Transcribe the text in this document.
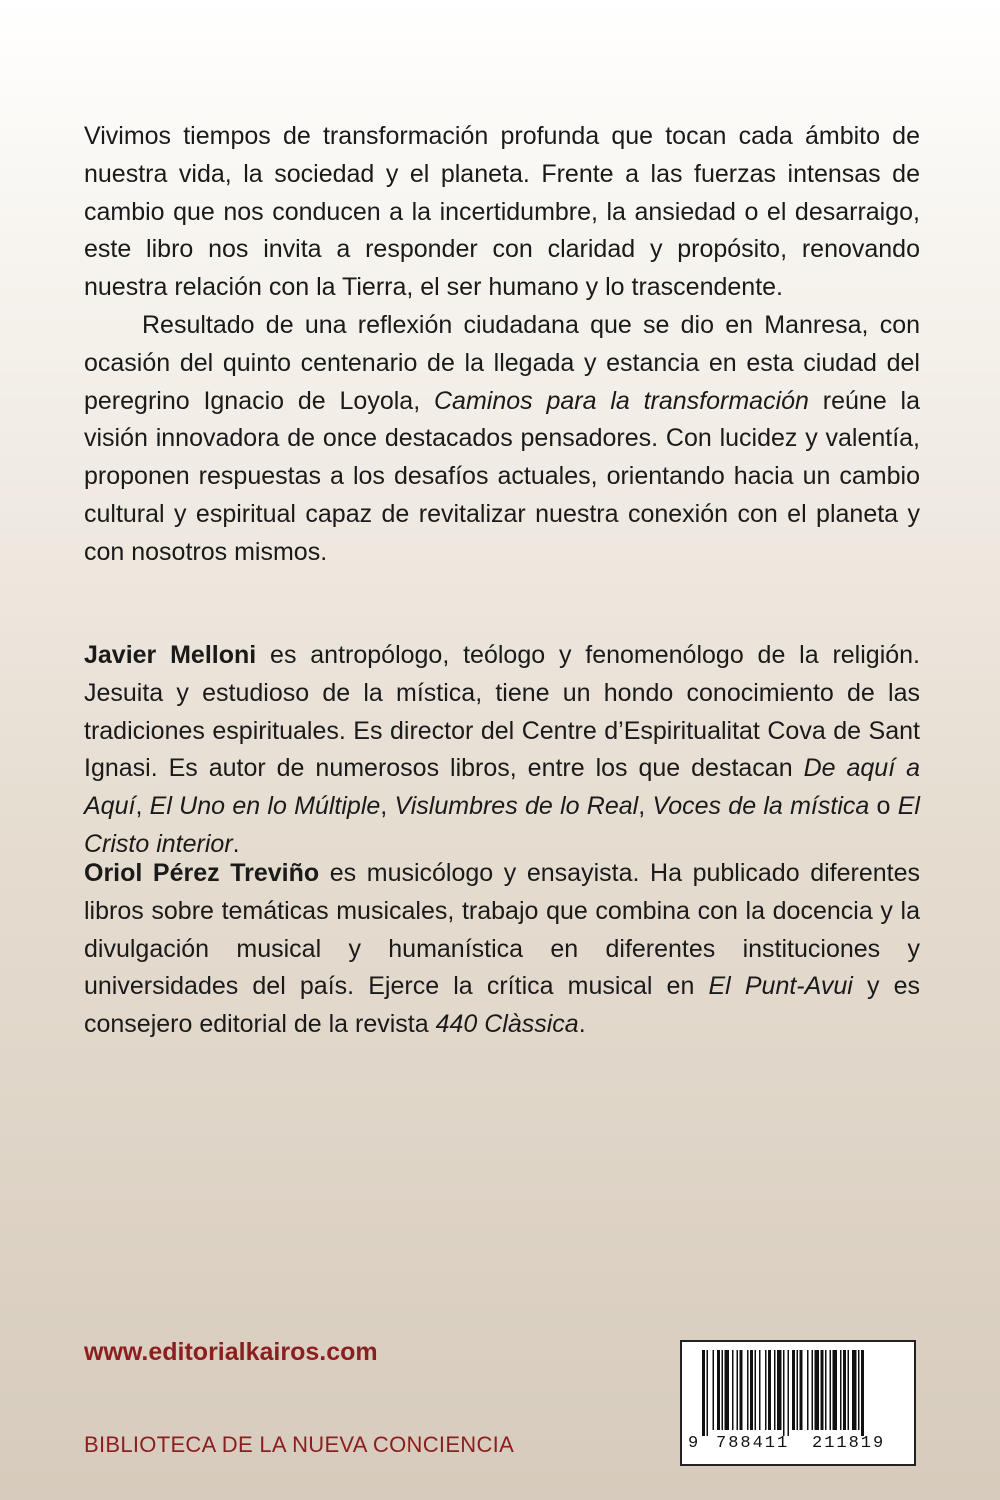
Vivimos tiempos de transformación profunda que tocan cada ámbito de nuestra vida, la sociedad y el planeta. Frente a las fuerzas intensas de cambio que nos conducen a la incertidumbre, la ansiedad o el desarraigo, este libro nos invita a responder con claridad y propósito, renovando nuestra relación con la Tierra, el ser humano y lo trascendente.

Resultado de una reflexión ciudadana que se dio en Manresa, con ocasión del quinto centenario de la llegada y estancia en esta ciudad del peregrino Ignacio de Loyola, Caminos para la transformación reúne la visión innovadora de once destacados pensadores. Con lucidez y valentía, proponen respuestas a los desafíos actuales, orientando hacia un cambio cultural y espiritual capaz de revitalizar nuestra conexión con el planeta y con nosotros mismos.

Javier Melloni es antropólogo, teólogo y fenomenólogo de la religión. Jesuita y estudioso de la mística, tiene un hondo conocimiento de las tradiciones espirituales. Es director del Centre d’Espiritualitat Cova de Sant Ignasi. Es autor de numerosos libros, entre los que destacan De aquí a Aquí, El Uno en lo Múltiple, Vislumbres de lo Real, Voces de la mística o El Cristo interior.

Oriol Pérez Treviño es musicólogo y ensayista. Ha publicado diferentes libros sobre temáticas musicales, trabajo que combina con la docencia y la divulgación musical y humanística en diferentes instituciones y universidades del país. Ejerce la crítica musical en El Punt-Avui y es consejero editorial de la revista 440 Clàssica.

www.editorialkairos.com
BIBLIOTECA DE LA NUEVA CONCIENCIA	9 788411 211819
